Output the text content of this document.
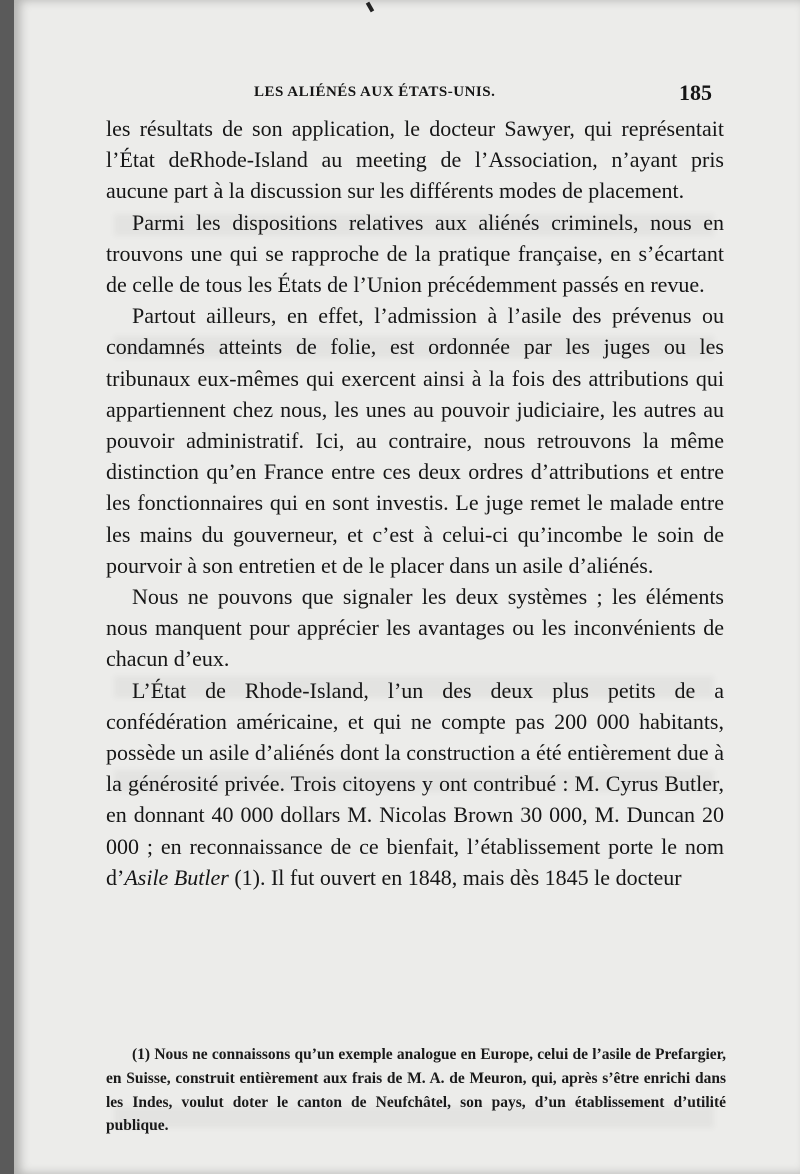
LES ALIÉNÉS AUX ÉTATS-UNIS.	185

les résultats de son application, le docteur Sawyer, qui représentait l’État deRhode-Island au meeting de l’Association, n’ayant pris aucune part à la discussion sur les différents modes de placement.

Parmi les dispositions relatives aux aliénés criminels, nous en trouvons une qui se rapproche de la pratique française, en s’écartant de celle de tous les États de l’Union précédemment passés en revue.

Partout ailleurs, en effet, l’admission à l’asile des prévenus ou condamnés atteints de folie, est ordonnée par les juges ou les tribunaux eux-mêmes qui exercent ainsi à la fois des attributions qui appartiennent chez nous, les unes au pouvoir judiciaire, les autres au pouvoir administratif. Ici, au contraire, nous retrouvons la même distinction qu’en France entre ces deux ordres d’attributions et entre les fonctionnaires qui en sont investis. Le juge remet le malade entre les mains du gouverneur, et c’est à celui-ci qu’incombe le soin de pourvoir à son entretien et de le placer dans un asile d’aliénés.

Nous ne pouvons que signaler les deux systèmes ; les éléments nous manquent pour apprécier les avantages ou les inconvénients de chacun d’eux.

L’État de Rhode-Island, l’un des deux plus petits de a confédération américaine, et qui ne compte pas 200 000 habitants, possède un asile d’aliénés dont la construction a été entièrement due à la générosité privée. Trois citoyens y ont contribué : M. Cyrus Butler, en donnant 40 000 dollars M. Nicolas Brown 30 000, M. Duncan 20 000 ; en reconnaissance de ce bienfait, l’établissement porte le nom d’Asile Butler (1). Il fut ouvert en 1848, mais dès 1845 le docteur

(1) Nous ne connaissons qu’un exemple analogue en Europe, celui de l’asile de Prefargier, en Suisse, construit entièrement aux frais de M. A. de Meuron, qui, après s’être enrichi dans les Indes, voulut doter le canton de Neufchâtel, son pays, d’un établissement d’utilité publique.
